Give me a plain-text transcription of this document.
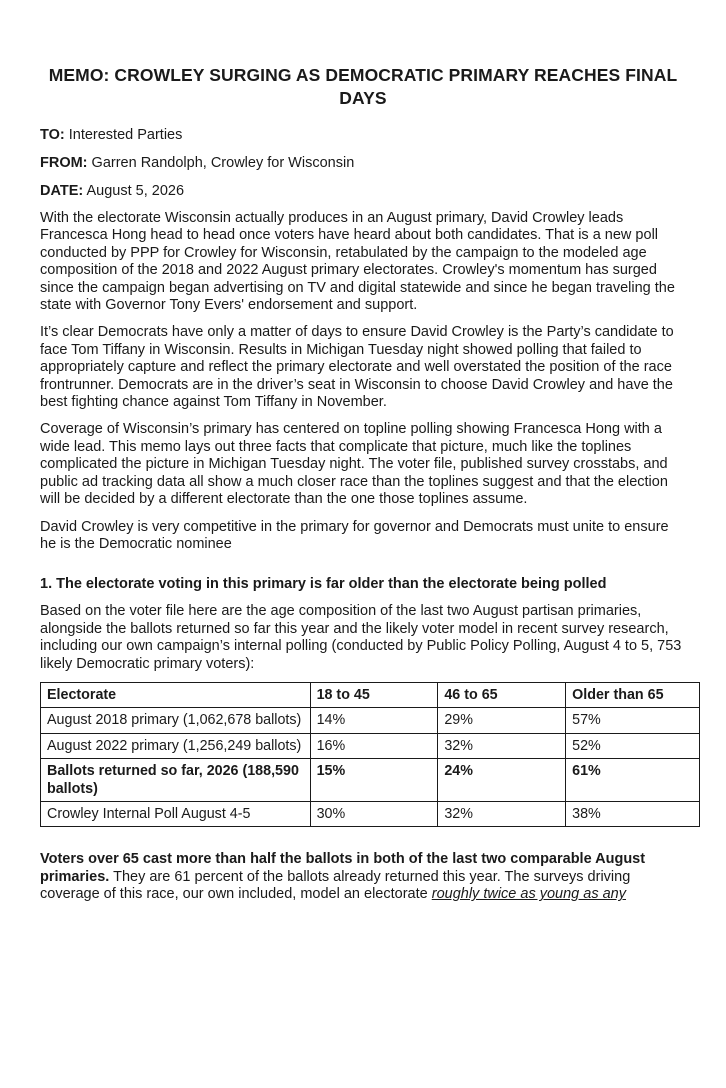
MEMO: CROWLEY SURGING AS DEMOCRATIC PRIMARY REACHES FINAL DAYS
TO: Interested Parties
FROM: Garren Randolph, Crowley for Wisconsin
DATE: August 5, 2026

With the electorate Wisconsin actually produces in an August primary, David Crowley leads Francesca Hong head to head once voters have heard about both candidates. That is a new poll conducted by PPP for Crowley for Wisconsin, retabulated by the campaign to the modeled age composition of the 2018 and 2022 August primary electorates. Crowley's momentum has surged since the campaign began advertising on TV and digital statewide and since he began traveling the state with Governor Tony Evers' endorsement and support.

It’s clear Democrats have only a matter of days to ensure David Crowley is the Party’s candidate to face Tom Tiffany in Wisconsin. Results in Michigan Tuesday night showed polling that failed to appropriately capture and reflect the primary electorate and well overstated the position of the race frontrunner. Democrats are in the driver’s seat in Wisconsin to choose David Crowley and have the best fighting chance against Tom Tiffany in November.

Coverage of Wisconsin’s primary has centered on topline polling showing Francesca Hong with a wide lead. This memo lays out three facts that complicate that picture, much like the toplines complicated the picture in Michigan Tuesday night. The voter file, published survey crosstabs, and public ad tracking data all show a much closer race than the toplines suggest and that the election will be decided by a different electorate than the one those toplines assume.

David Crowley is very competitive in the primary for governor and Democrats must unite to ensure he is the Democratic nominee

1. The electorate voting in this primary is far older than the electorate being polled

Based on the voter file here are the age composition of the last two August partisan primaries, alongside the ballots returned so far this year and the likely voter model in recent survey research, including our own campaign’s internal polling (conducted by Public Policy Polling, August 4 to 5, 753 likely Democratic primary voters):

Electorate	18 to 45	46 to 65	Older than 65
August 2018 primary (1,062,678 ballots)	14%	29%	57%
August 2022 primary (1,256,249 ballots)	16%	32%	52%
Ballots returned so far, 2026 (188,590 ballots)	15%	24%	61%
Crowley Internal Poll August 4-5	30%	32%	38%

Voters over 65 cast more than half the ballots in both of the last two comparable August primaries. They are 61 percent of the ballots already returned this year. The surveys driving coverage of this race, our own included, model an electorate roughly twice as young as any
